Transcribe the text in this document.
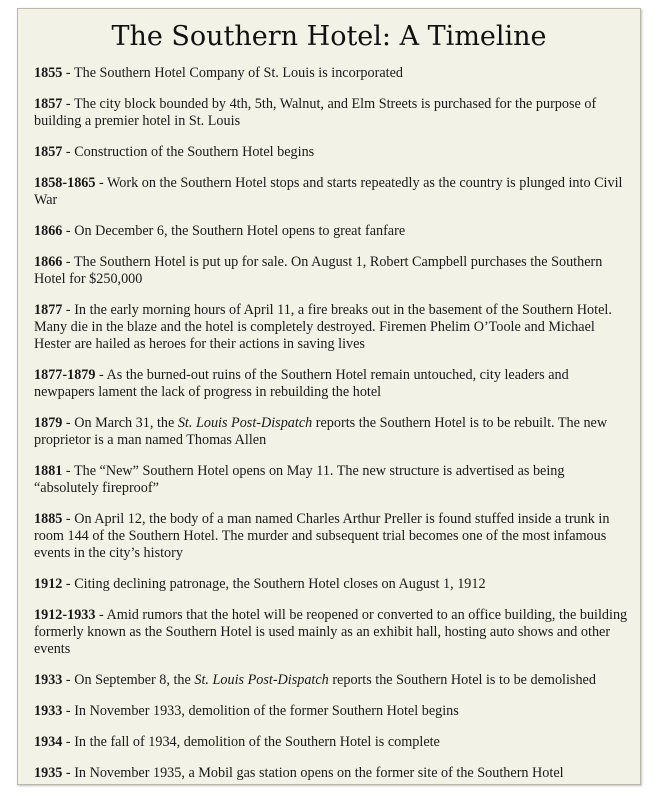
The Southern Hotel: A Timeline
1855 - The Southern Hotel Company of St. Louis is incorporated
1857 - The city block bounded by 4th, 5th, Walnut, and Elm Streets is purchased for the purpose of building a premier hotel in St. Louis
1857 - Construction of the Southern Hotel begins
1858-1865 - Work on the Southern Hotel stops and starts repeatedly as the country is plunged into Civil War
1866 - On December 6, the Southern Hotel opens to great fanfare
1866 - The Southern Hotel is put up for sale. On August 1, Robert Campbell purchases the Southern Hotel for $250,000
1877 - In the early morning hours of April 11, a fire breaks out in the basement of the Southern Hotel. Many die in the blaze and the hotel is completely destroyed. Firemen Phelim O’Toole and Michael Hester are hailed as heroes for their actions in saving lives
1877-1879 - As the burned-out ruins of the Southern Hotel remain untouched, city leaders and newpapers lament the lack of progress in rebuilding the hotel
1879 - On March 31, the St. Louis Post-Dispatch reports the Southern Hotel is to be rebuilt. The new proprietor is a man named Thomas Allen
1881 - The “New” Southern Hotel opens on May 11. The new structure is advertised as being “absolutely fireproof”
1885 - On April 12, the body of a man named Charles Arthur Preller is found stuffed inside a trunk in room 144 of the Southern Hotel. The murder and subsequent trial becomes one of the most infamous events in the city’s history
1912 - Citing declining patronage, the Southern Hotel closes on August 1, 1912
1912-1933 - Amid rumors that the hotel will be reopened or converted to an office building, the building formerly known as the Southern Hotel is used mainly as an exhibit hall, hosting auto shows and other events
1933 - On September 8, the St. Louis Post-Dispatch reports the Southern Hotel is to be demolished
1933 - In November 1933, demolition of the former Southern Hotel begins
1934 - In the fall of 1934, demolition of the Southern Hotel is complete
1935 - In November 1935, a Mobil gas station opens on the former site of the Southern Hotel
